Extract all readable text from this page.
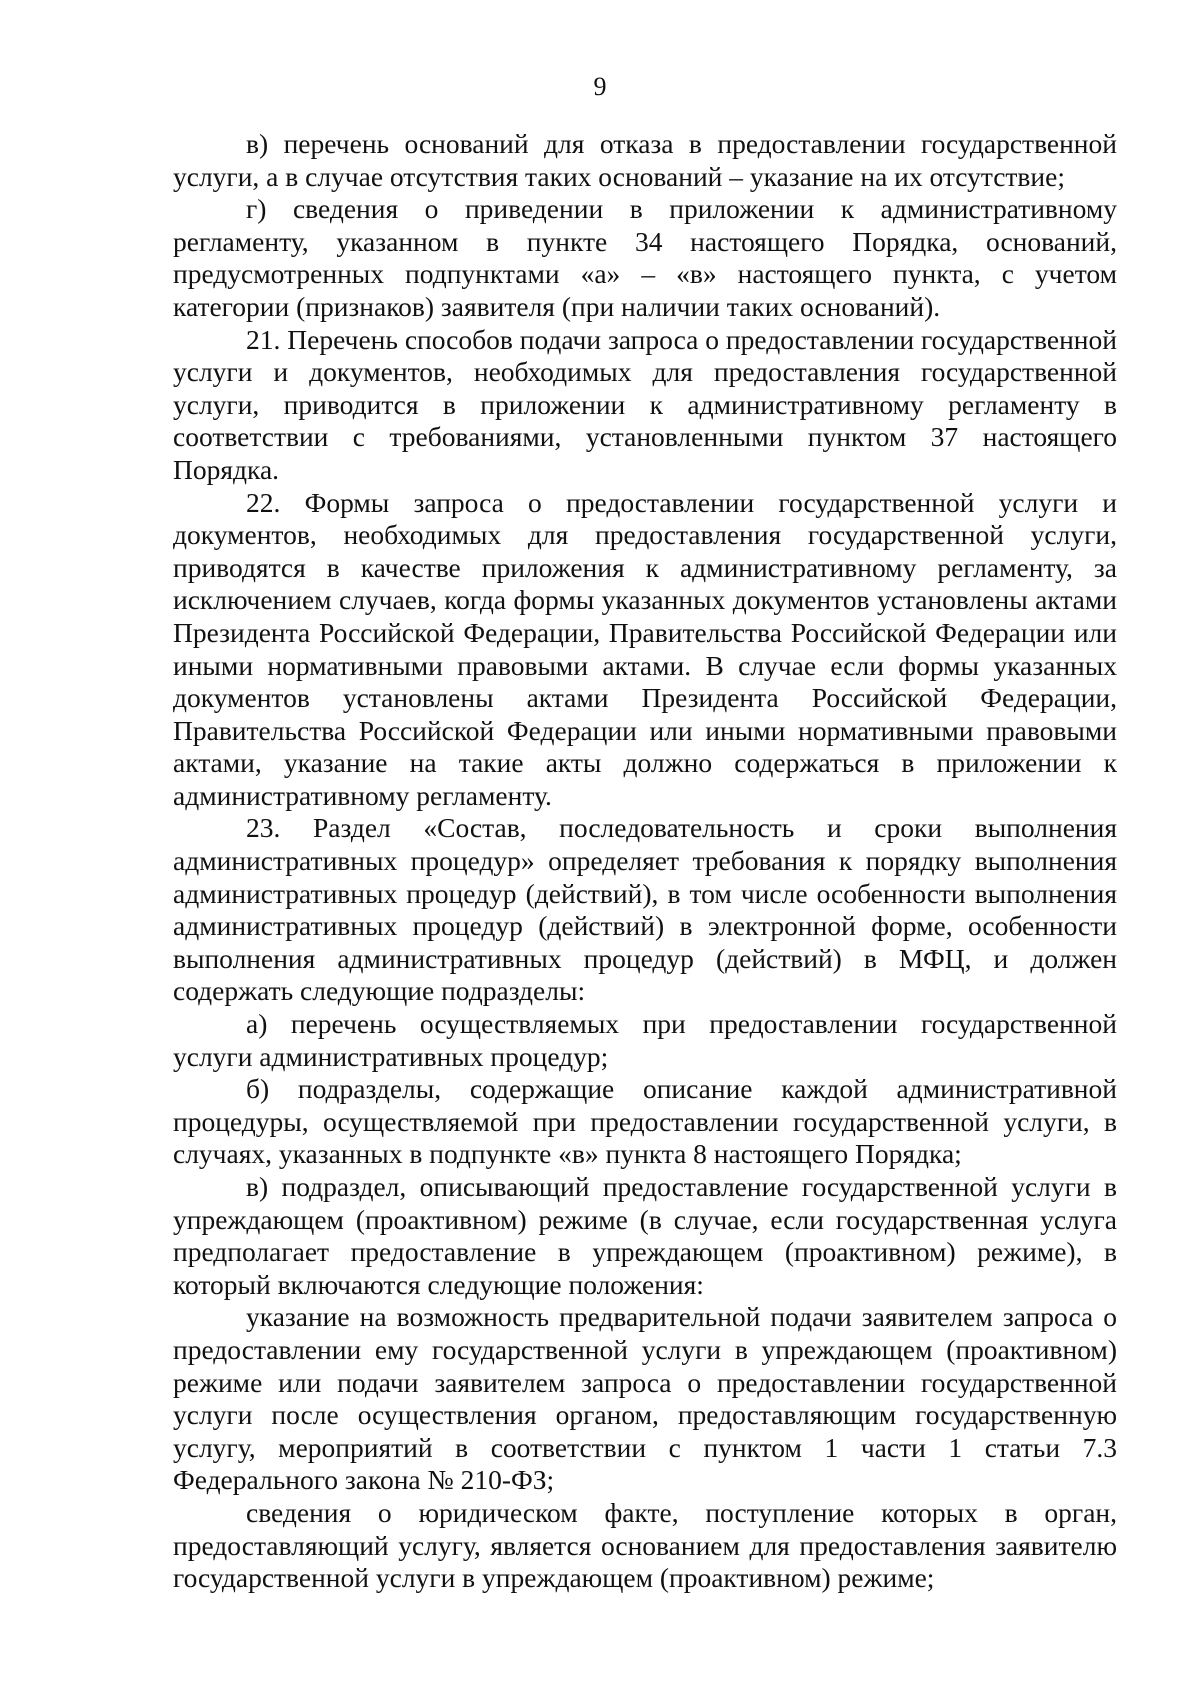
9

в) перечень оснований для отказа в предоставлении государственной услуги, а в случае отсутствия таких оснований – указание на их отсутствие;

г) сведения о приведении в приложении к административному регламенту, указанном в пункте 34 настоящего Порядка, оснований, предусмотренных подпунктами «а» – «в» настоящего пункта, с учетом категории (признаков) заявителя (при наличии таких оснований).

21. Перечень способов подачи запроса о предоставлении государственной услуги и документов, необходимых для предоставления государственной услуги, приводится в приложении к административному регламенту в соответствии с требованиями, установленными пунктом 37 настоящего Порядка.

22. Формы запроса о предоставлении государственной услуги и документов, необходимых для предоставления государственной услуги, приводятся в качестве приложения к административному регламенту, за исключением случаев, когда формы указанных документов установлены актами Президента Российской Федерации, Правительства Российской Федерации или иными нормативными правовыми актами. В случае если формы указанных документов установлены актами Президента Российской Федерации, Правительства Российской Федерации или иными нормативными правовыми актами, указание на такие акты должно содержаться в приложении к административному регламенту.

23. Раздел «Состав, последовательность и сроки выполнения административных процедур» определяет требования к порядку выполнения административных процедур (действий), в том числе особенности выполнения административных процедур (действий) в электронной форме, особенности выполнения административных процедур (действий) в МФЦ, и должен содержать следующие подразделы:

а) перечень осуществляемых при предоставлении государственной услуги административных процедур;

б) подразделы, содержащие описание каждой административной процедуры, осуществляемой при предоставлении государственной услуги, в случаях, указанных в подпункте «в» пункта 8 настоящего Порядка;

в) подраздел, описывающий предоставление государственной услуги в упреждающем (проактивном) режиме (в случае, если государственная услуга предполагает предоставление в упреждающем (проактивном) режиме), в который включаются следующие положения:

указание на возможность предварительной подачи заявителем запроса о предоставлении ему государственной услуги в упреждающем (проактивном) режиме или подачи заявителем запроса о предоставлении государственной услуги после осуществления органом, предоставляющим государственную услугу, мероприятий в соответствии с пунктом 1 части 1 статьи 7.3 Федерального закона № 210-ФЗ;

сведения о юридическом факте, поступление которых в орган, предоставляющий услугу, является основанием для предоставления заявителю государственной услуги в упреждающем (проактивном) режиме;
